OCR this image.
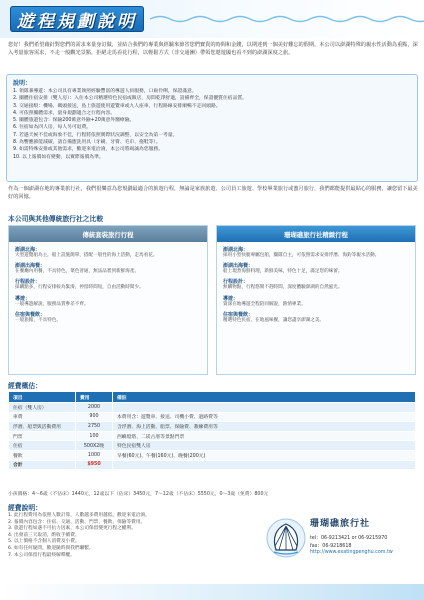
遊程規劃說明
您好！我們希望藉針對您們的需求來量身訂做，並結合我們的專業與經驗來節省您們寶貴的時間和金錢，以期達到一個美好難忘的假期。本公司以澎湖特殊的親水性活動為重點，深入考量旅客需求，不走一般觀光景點，拒絕走馬看花行程，以輕鬆方式（非交通團）帶領您遨遊國也看不到的澎湖深度之旅。
說明：
1. 領隊兼導遊：本公司具有專業執照經驗豐富的導遊人員服務，口齒伶俐，保證滿意。
2. 團體住宿安排（雙人房）：入住本公司精選特色民宿或飯店，房間乾淨舒適，設備齊全，保證優質住宿品質。
3. 交通接駁：機場、碼頭接送，島上旅遊使用遊覽車或九人座車，行程路線安排順暢不走回頭路。
4. 可依照團體需求，量身規劃適合之行程內容。
5. 團體旅遊包含：保險200萬意外險+20萬意外醫療險。
6. 住宿如為四人房，每人另可退費。
7. 若遇天候不佳或海象不佳，行程將依照實際狀況調整，以安全為第一考量。
8. 為響應節能減碳，請自備盥洗用具（牙刷、牙膏、毛巾、拖鞋等）。
9. 如需特殊安排或其他需求，歡迎來電洽詢，本公司將竭誠為您服務。
10. 以上報價如有變動，以實際報價為準。
作為一個澎湖在地的專業旅行社，我們很樂意為您規劃最適合的旅遊行程，無論是家族旅遊、公司員工旅遊、學校畢業旅行或蜜月旅行，我們都能提供最貼心的服務，讓您留下最美好的回憶。
本公司與其他傳統旅行社之比較
傳統套裝旅行行程
澎湖北海：
大型遊覽船為主，船上設施簡單，搭配一般性的海上活動，走馬看花。
澎湖出海餐：
在餐廳內用餐，不具特色，菜色普通，無法品嘗到新鮮海產。
行程設計：
採購點多，行程安排較為緊湊，停留時間短，自由活動時間少。
導遊：
一般導遊解說，服務品質參差不齊。
住宿與餐飲：
一般旅館，不具特色。
珊瑚礁旅行社精緻行程
澎湖北海：
採用小型快艇專屬包船，團隊自主，可依照需求安排浮潛、海釣等親水活動。
澎湖出海餐：
船上現煮海鮮料理，新鮮美味，特色十足，滿足您的味蕾。
行程設計：
無購物點，行程悠閒不趕時間，深度體驗澎湖的自然風光。
導遊：
資深在地導遊全程陪同解說，熱情專業。
住宿與餐飲：
精選特色民宿，在地風味餐，讓您盡享澎湖之美。
經費概估：
項目	費用	備註
住宿（雙人房）	2000	
車費	900	本費用含：遊覽車、接送、司機小費、過路費等
浮潛、船票與活動費用	2750	含浮潛、海上活動、船票、保險費、教練費用等
門票	100	西嶼燈塔、二崁古厝等景點門票
住宿	500X2晚	特色民宿雙人房
餐飲	1000	早餐(60元)、午餐(160元)、晚餐(200元)
合計	$950	
小孩價格：4～6歲（不佔床）1440元，12歲以下（佔床）3450元，7～12歲（不佔床）5550元，0～3歲（免費）800元
經費說明：
1. 此行程費用為依照人數計算，人數越多費用越低，歡迎來電洽詢。
2. 報價內容包含：住宿、交通、活動、門票、餐飲、保險等費用。
3. 旅遊行程如遇不可抗力因素，本公司保留變更行程之權利。
4. 出發前三天取消，酌收手續費。
5. 以上價格不含個人消費及小費。
6. 如有任何疑問，歡迎隨時與我們聯繫。
7. 本公司保留行程最終解釋權。
珊瑚礁旅行社
tel：06-9213421 or 06-9215970
fax：06-9218618
http://www.exatingpenghu.com.tw
